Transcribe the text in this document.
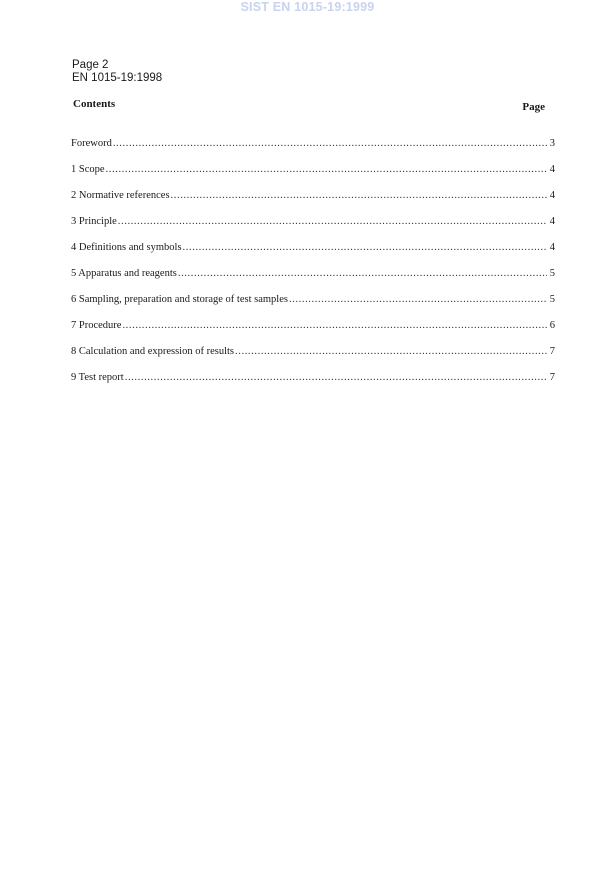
SIST EN 1015-19:1999
Page 2
EN 1015-19:1998
Contents	Page
Foreword .....	3
1 Scope .....	4
2 Normative references .....	4
3 Principle .....	4
4 Definitions and symbols .....	4
5 Apparatus and reagents .....	5
6 Sampling, preparation and storage of test samples .....	5
7 Procedure .....	6
8 Calculation and expression of results .....	7
9 Test report .....	7
